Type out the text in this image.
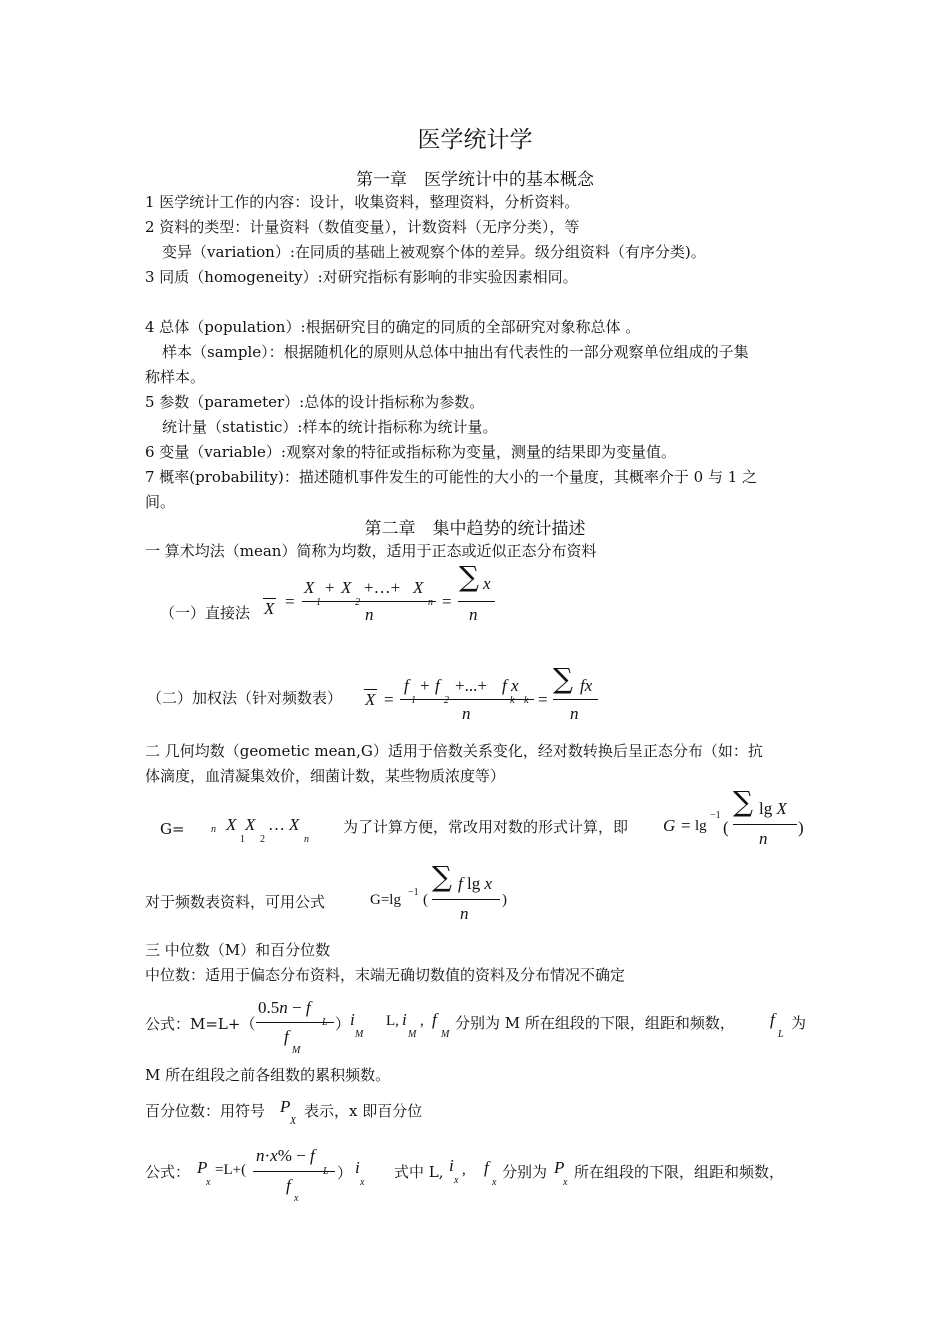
医学统计学
第一章　医学统计中的基本概念
1 医学统计工作的内容：设计，收集资料，整理资料，分析资料。
2 资料的类型：计量资料（数值变量），计数资料（无序分类），等
变异（variation）:在同质的基础上被观察个体的差异。级分组资料（有序分类)。
3 同质（homogeneity）:对研究指标有影响的非实验因素相同。
4 总体（population）:根据研究目的确定的同质的全部研究对象称总体 。
样本（sample）：根据随机化的原则从总体中抽出有代表性的一部分观察单位组成的子集
称样本。
5 参数（parameter）:总体的设计指标称为参数。
统计量（statistic）:样本的统计指标称为统计量。
6 变量（variable）:观察对象的特征或指标称为变量，测量的结果即为变量值。
7 概率(probability)：描述随机事件发生的可能性的大小的一个量度，其概率介于 0 与 1 之
间。
第二章　集中趋势的统计描述
一 算术均法（mean）简称为均数，适用于正态或近似正态分布资料
（一）直接法 X =
X
1
+ X
2
+…+ X
n
n
=
∑ x
n
（二）加权法（针对频数表） X =
f
1
+ f
2
+...+ f x
k k
n
=
∑ fx
n
二 几何均数（geometic mean,G）适用于倍数关系变化，经对数转换后呈正态分布（如：抗
体滴度，血清凝集效价，细菌计数，某些物质浓度等）
G=	n X X … X
1 2	n
为了计算方便，常改用对数的形式计算，即 G = lg
−1
(
∑ lg X
n
)
对于频数表资料，可用公式	G=lg −1 (
∑ f lg x
n
)
三 中位数（M）和百分位数
中位数：适用于偏态分布资料，末端无确切数值的资料及分布情况不确定
公式：M=L+（
0.5n − f
L
f
M
） i
M
L, i
M
, f
M
分别为 M 所在组段的下限，组距和频数， f
L
为
M 所在组段之前各组数的累积频数。
百分位数：用符号 P
X
表示，x 即百分位
公式： P
x
=L+(
n·x% − f
L
f
x
） i
x
式中 L, i
x
, f
x
分别为 P
x
所在组段的下限，组距和频数，
